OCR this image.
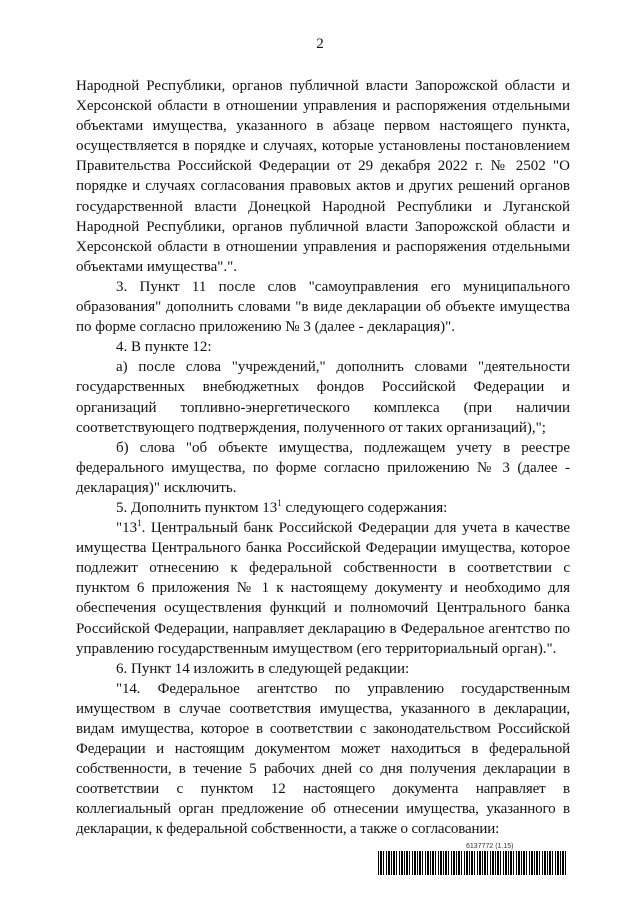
2

Народной Республики, органов публичной власти Запорожской области и Херсонской области в отношении управления и распоряжения отдельными объектами имущества, указанного в абзаце первом настоящего пункта, осуществляется в порядке и случаях, которые установлены постановлением Правительства Российской Федерации от 29 декабря 2022 г. № 2502 "О порядке и случаях согласования правовых актов и других решений органов государственной власти Донецкой Народной Республики и Луганской Народной Республики, органов публичной власти Запорожской области и Херсонской области в отношении управления и распоряжения отдельными объектами имущества".".

3. Пункт 11 после слов "самоуправления его муниципального образования" дополнить словами "в виде декларации об объекте имущества по форме согласно приложению № 3 (далее - декларация)".

4. В пункте 12:

а) после слова "учреждений," дополнить словами "деятельности государственных внебюджетных фондов Российской Федерации и организаций топливно-энергетического комплекса (при наличии соответствующего подтверждения, полученного от таких организаций),";

б) слова "об объекте имущества, подлежащем учету в реестре федерального имущества, по форме согласно приложению № 3 (далее - декларация)" исключить.

5. Дополнить пунктом $13^1$ следующего содержания:

"$13^1$. Центральный банк Российской Федерации для учета в качестве имущества Центрального банка Российской Федерации имущества, которое подлежит отнесению к федеральной собственности в соответствии с пунктом 6 приложения № 1 к настоящему документу и необходимо для обеспечения осуществления функций и полномочий Центрального банка Российской Федерации, направляет декларацию в Федеральное агентство по управлению государственным имуществом (его территориальный орган).".

6. Пункт 14 изложить в следующей редакции:

"14. Федеральное агентство по управлению государственным имуществом в случае соответствия имущества, указанного в декларации, видам имущества, которое в соответствии с законодательством Российской Федерации и настоящим документом может находиться в федеральной собственности, в течение 5 рабочих дней со дня получения декларации в соответствии с пунктом 12 настоящего документа направляет в коллегиальный орган предложение об отнесении имущества, указанного в декларации, к федеральной собственности, а также о согласовании:

6137772 (1.15)
